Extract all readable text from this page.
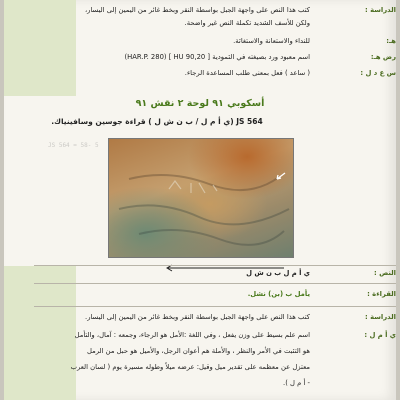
الدراسة :
كتب هذا النص على واجهة الجبل بواسطة النقر وبخط غائر من اليمين إلى اليسار،
ولكن للأسف الشديد تكملة النص غير واضحة.
هـ:
للنداء والاستعانة والاستغاثة.
رض هـ:
اسم معبود ورد بصيغته في الثمودية [ HU 90,20 ] (HAR.P. 280)
س ع د ل :
( ساعد ) فعل بمعنى طلب المساعدة الرجاء.
أسكوبي ٩١ لوحة ٢ نقش ٩١
JS 564 (ي أ م ل / ب ن ش ل ) قراءة جوسين وسافينياك.
JS 564 = 58- 5
النص :
ي أ م ل ب ن ش ل
القراءة :
يأمل ب (بن) نشل.
الدراسة :
كتب هذا النص على واجهة الجبل بواسطة النقر وبخط غائر من اليمين إلى اليسار.
ي أ م ل :
اسم علم بسيط على وزن يفعل ، وفي اللغة :الأمل هو الرجاء، وجمعه : آمال، والتأمل
هو التثبت في الأمر والنظر ، والأملة هم أعوان الرجل، والأميل هو حبل من الرمل
معتزل عن معظمه على تقدير ميل وقيل: عرضه ميلاً وطوله مسيرة يوم ( لسان العرب
- أ م ل ).
